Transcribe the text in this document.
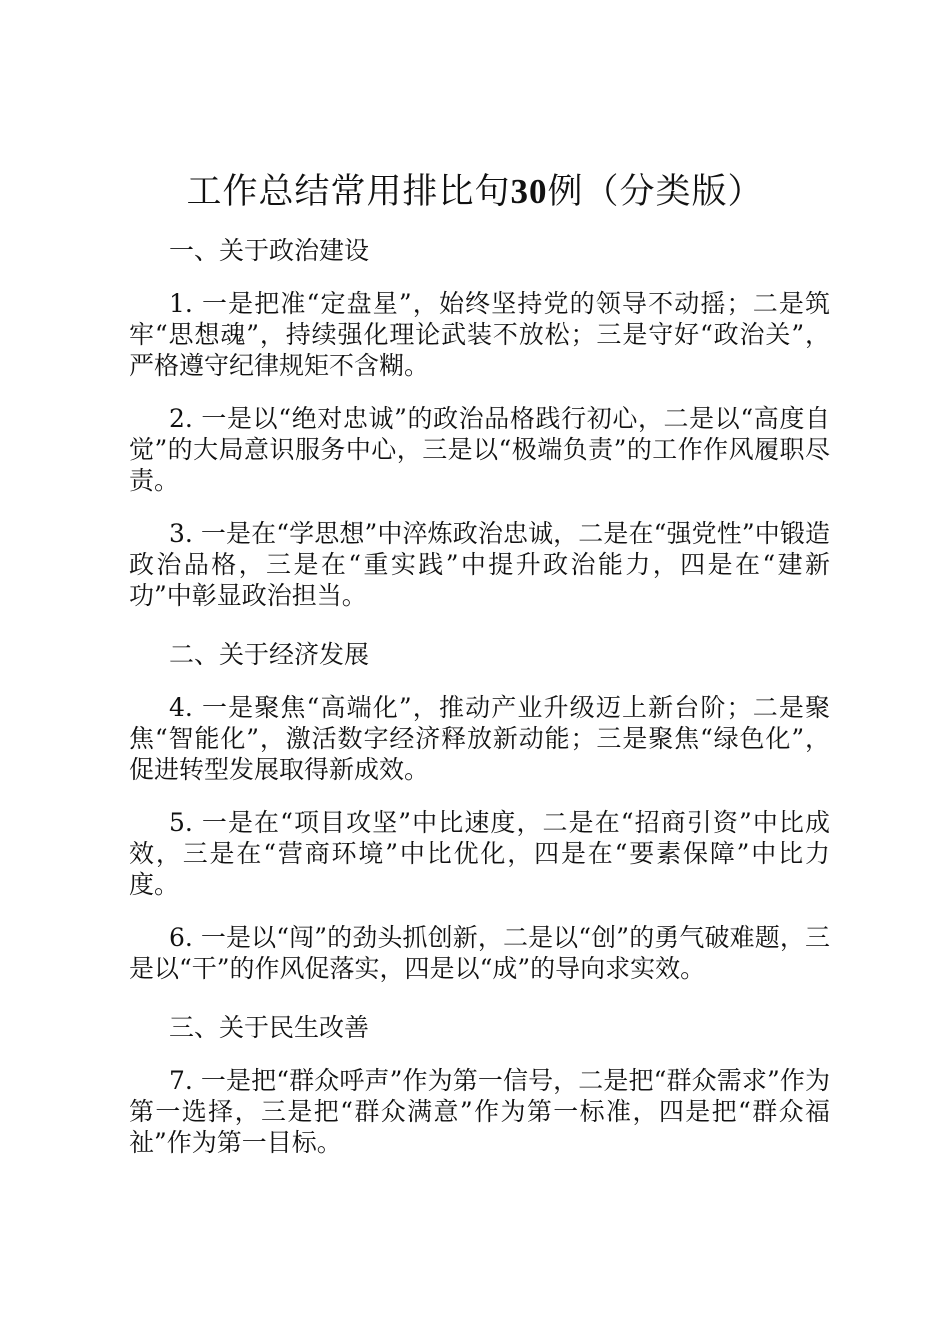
工作总结常用排比句30例（分类版）

一、关于政治建设

1. 一是把准“定盘星”，始终坚持党的领导不动摇；二是筑牢“思想魂”，持续强化理论武装不放松；三是守好“政治关”，严格遵守纪律规矩不含糊。

2. 一是以“绝对忠诚”的政治品格践行初心，二是以“高度自觉”的大局意识服务中心，三是以“极端负责”的工作作风履职尽责。

3. 一是在“学思想”中淬炼政治忠诚，二是在“强党性”中锻造政治品格，三是在“重实践”中提升政治能力，四是在“建新功”中彰显政治担当。

二、关于经济发展

4. 一是聚焦“高端化”，推动产业升级迈上新台阶；二是聚焦“智能化”，激活数字经济释放新动能；三是聚焦“绿色化”，促进转型发展取得新成效。

5. 一是在“项目攻坚”中比速度，二是在“招商引资”中比成效，三是在“营商环境”中比优化，四是在“要素保障”中比力度。

6. 一是以“闯”的劲头抓创新，二是以“创”的勇气破难题，三是以“干”的作风促落实，四是以“成”的导向求实效。

三、关于民生改善

7. 一是把“群众呼声”作为第一信号，二是把“群众需求”作为第一选择，三是把“群众满意”作为第一标准，四是把“群众福祉”作为第一目标。
